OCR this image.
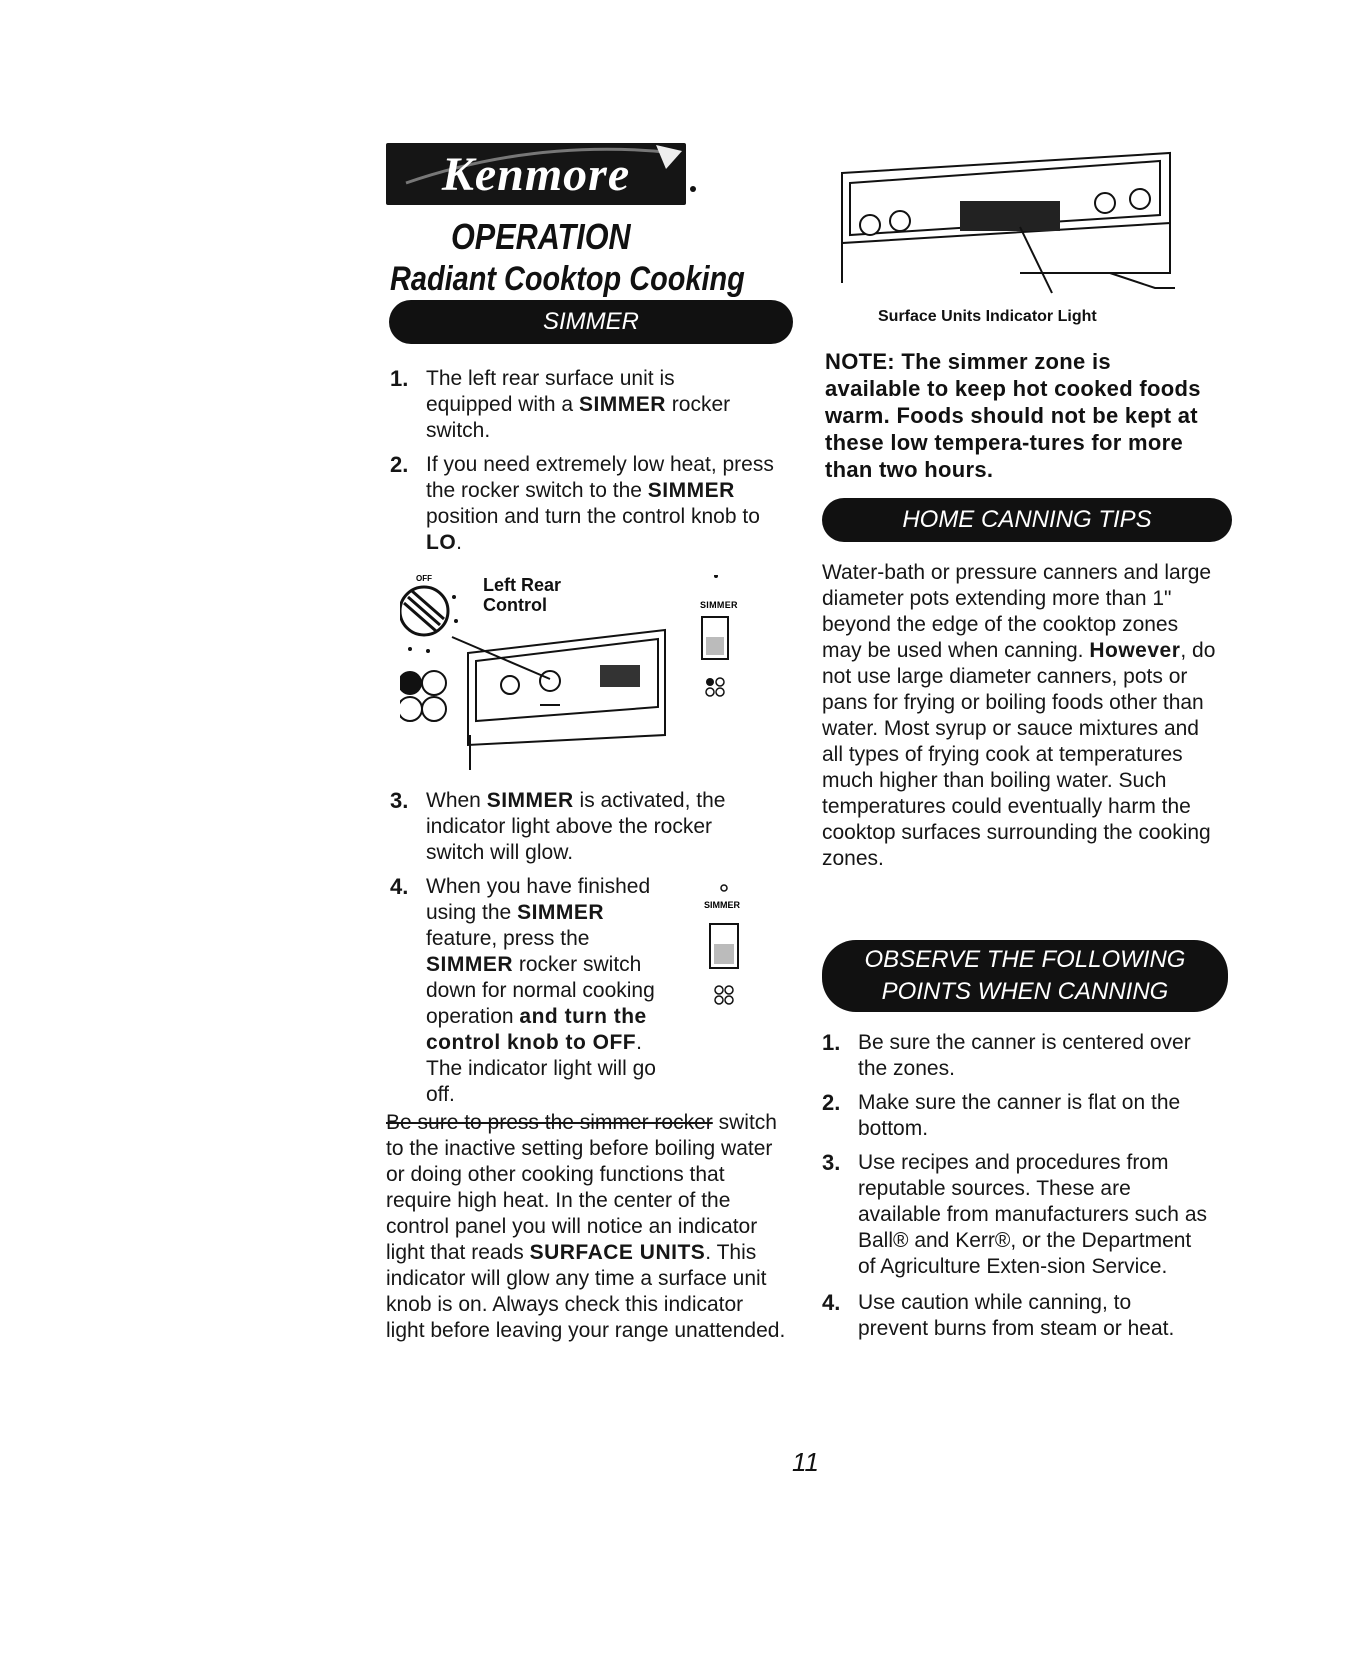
Kenmore
OPERATION
Radiant Cooktop Cooking
SIMMER
1. The left rear surface unit is equipped with a SIMMER rocker switch.
2. If you need extremely low heat, press the rocker switch to the SIMMER position and turn the control knob to LO.
OFF
SIMMER
Left Rear
Control
3. When SIMMER is activated, the indicator light above the rocker switch will glow.
4. When you have finished using the SIMMER feature, press the SIMMER rocker switch down for normal cooking operation and turn the control knob to OFF. The indicator light will go off.
SIMMER
Be sure to press the simmer rocker switch to the inactive setting before boiling water or doing other cooking functions that require high heat. In the center of the control panel you will notice an indicator light that reads SURFACE UNITS. This indicator will glow any time a surface unit knob is on. Always check this indicator light before leaving your range unattended.
Surface Units Indicator Light
NOTE: The simmer zone is available to keep hot cooked foods warm. Foods should not be kept at these low tempera-tures for more than two hours.
HOME CANNING TIPS
Water-bath or pressure canners and large diameter pots extending more than 1" beyond the edge of the cooktop zones may be used when canning. However, do not use large diameter canners, pots or pans for frying or boiling foods other than water. Most syrup or sauce mixtures and all types of frying cook at temperatures much higher than boiling water. Such temperatures could eventually harm the cooktop surfaces surrounding the cooking zones.
OBSERVE THE FOLLOWING
POINTS WHEN CANNING
1. Be sure the canner is centered over the zones.
2. Make sure the canner is flat on the bottom.
3. Use recipes and procedures from reputable sources. These are available from manufacturers such as Ball® and Kerr®, or the Department of Agriculture Exten-sion Service.
4. Use caution while canning, to prevent burns from steam or heat.
11
